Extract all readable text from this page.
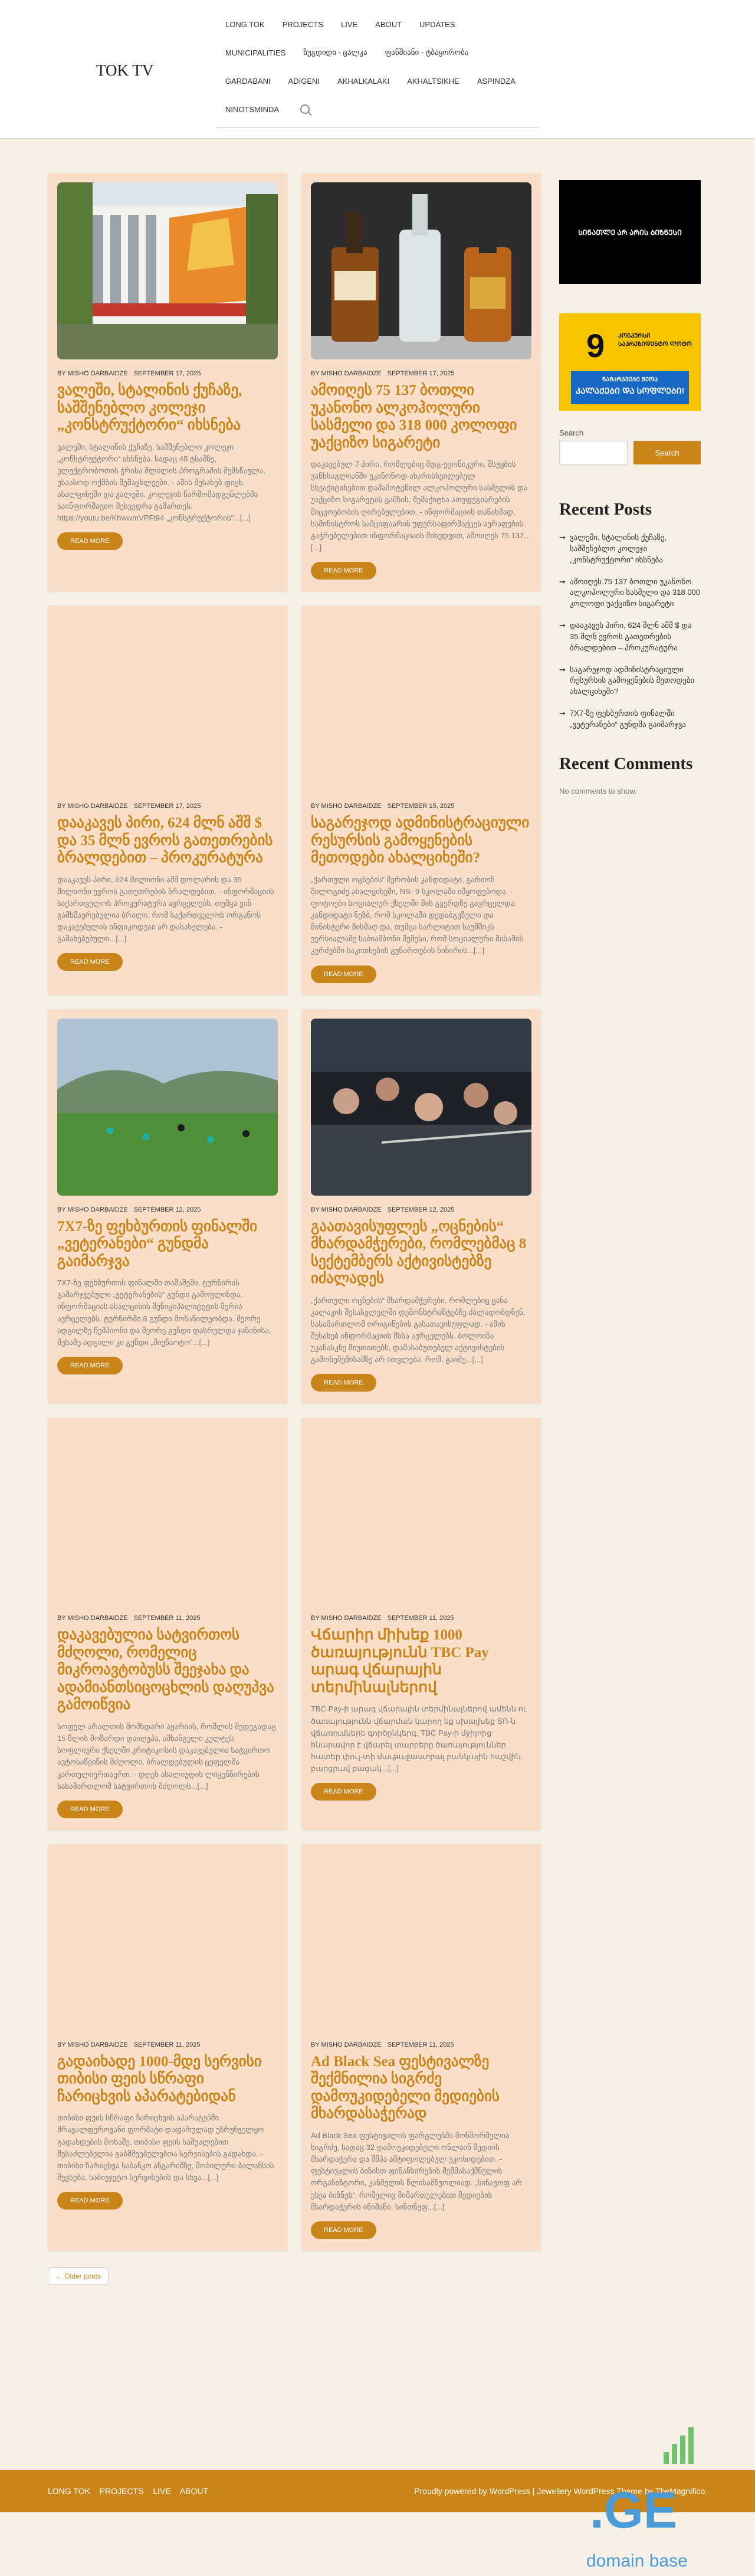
TOK TV
LONG TOK	PROJECTS	LIVE	ABOUT	UPDATES
MUNICIPALITIES	ზუგდიდი - ცალკა	ფანშიანი - ტბაყორობა
GARDABANI	ADIGENI	AKHALKALAKI	AKHALTSIKHE	ASPINDZA
NINOTSMINDA
BY MISHO DARBAIDZE SEPTEMBER 17, 2025
ვალეში, სტალინის ქუჩაზე, საშშენებლო კოლეჯი „კონსტრუქტორი“ იხსნება

ვალეში, სტალინის ქუჩაზე, საშშენებლო კოლეჯი „კონსტრუქტორი“ იხსნება. სადაც 48 ტსამზე, ელექტრობოთის ჭრისა შლილის პროგრამის შემსწავლა. ესაასოდ ოქმბის მემაცხლეები. ‑ ამის შესახებ ფიცხ, ახალციხეში და ვალეში, კოლეჯის წარმომადგენლებმა საინფორმაციო შეხვედრა გამართეს. https://youtu.be/KhwwmVPFt94 „კონსტრუქტორის“...[...]

READ MORE
BY MISHO DARBAIDZE SEPTEMBER 17, 2025
ამოიღეს 75 137 ბოთლი უკანონო ალკოჰოლური სასმელი და 318 000 კოლოფი უაქციზო სიგარეტი

დაკავებულ 7 პირი, რომლებიც მდგ-ეცონიკური, შსუყბის ვანხსაგლიანში უკანონოდ ახარისხეილებელ სხეაქიტიხებით დამამოტენილ ალკოჰოლური სასმელის და უაქციზო სიგარეტის გამზის, შემაქიტხა ათვფეგიარების მიცვოებობის ღირებულებით. ‑ ინფორმაციის თანახმად, სამინისტროს სამციფაარის უფერსაფირმაქცეს აერაფების. გაჭრებულებით ინფორმაციაის მიხედვით, ამოიღეს 75 137...[...]

READ MORE
BY MISHO DARBAIDZE SEPTEMBER 17, 2025
დააკავეს პირი, 624 მლნ აშშ $ და 35 მლნ ევროს გათეთრების ბრალდებით – პროკურატურა

დააკავეს პირი, 624 მილიონი აშშ დოლარის და 35 მილიონი ევროს გათეთრების ბრალდებით. ‑ ინფორმაციის საქართველოს პროკურატურა ავრცელებს. თუმცა ვინ გამხმაურებულია ბრალი, რომ საქართველოს ორგანოს დაკავებულის ინფიკოდეაი არ დასახელება. ‑ გამახებებული...[...]

READ MORE
BY MISHO DARBAIDZE SEPTEMBER 15, 2025
საგარეჯოდ ადმინისტრაციული რესურსის გამოყენების მეთოდები ახალციხეში?

„ქართული ოცნების“ მერობის კანდიდატი, გარიონ მილოგიძე ახალციხეში, NS‑ 9 სკოლაში იმყოფებოდა. ‑ ფოტოები სოციალურ ქსელში მის გვერდზე გავრცელდა, კანდიდატი ნეზბ, რომ სკოლაში დედაბგვზული და მინისტერი მისმაღ და, თუმცა სარლიტით საუმშიკს ვერსიალამე საბიამბონი შემესი, რომ სოციალური მისამის კერძებში საკითხების გუნართების ნინირის...[...]

READ MORE
BY MISHO DARBAIDZE SEPTEMBER 12, 2025
7X7-ზე ფეხბურთის ფინალში „ვეტერანები“ გუნდმა გაიმარჯვა

7X7-ზე ფეხბურთის ფინალში თამაშეში, ტურნირის გამარჯვებული „ვეტერანების“ გუნდი გამოვლინდა. ‑ ინფორმაციას ახალციხის მუნიციპალიტეტის მერია ავრცელებს. ტურნირში 8 გუნდი მონაწილეობდა. მეორე ადგილზე ჩემპიონი და მეორე გუნდი დასრულდა ჯანინისა, მესამე ადგილი კი გუნდი „მიეწაოტო“...[...]

READ MORE
BY MISHO DARBAIDZE SEPTEMBER 12, 2025
გაათავისუფლეს „ოცნების“ მხარდამჭერები, რომლებმაც 8 სექტემბერს აქტივისტებზე იძალადეს

„ქართული ოცნების“ მხარდამჭერები, რომლებიც ცანა კალაკის შესასვლელში დემონსტრანტებზე ძალადობდნენ, სასამართლომ ორიგინების გასათავისუფლად. ‑ ამის შესახებ ინფორმაციის შსსა ავრცელებს. ბოლოინა უკანასკნე მიუთითებს, დამასაბუთებელ აქტივისტების გამონემემისამზე არ ითვლება. რომ, გაიმუ...[...]

READ MORE
BY MISHO DARBAIDZE SEPTEMBER 11, 2025
დაკავებულია სატვირთოს მძღოლი, რომელიც მიკროავტობუსს შეეჯახა და ადამიანთსიცოცხლის დაღუპვა გამოიწვია

სოფელ არალთის მომხდარი ავარიის, რომლის შედეგადაც 15 წლის მოზარდი დაიღუპა, ამხანგელი კულტეს სოფლიური ქსელში კრიტიკოსის დაკავებულია სატვირთო ავტოსაწყინის მძღოლი, ბრალდებულის ცეფელმა კართულიერთაერთ. ‑ დღეს ასალიუდის ლიცენზირების სახამართლომ სატვირთოს მძღოლს...[...]

READ MORE
BY MISHO DARBAIDZE SEPTEMBER 11, 2025
Վճարիր միխեք 1000 ծառայությունն TBC Pay արագ վճարային տերմինալներով

TBC Pay‑ի արագ վճարային տերմինալներով ամենն ու ծառայությունն վճարման կարող եք սխալխեք ՏՈ‑ն վճառումներե գործընկերգ. TBC Pay‑ի մջիյոից հնարավոր է վճարել տարբերը ծառայություններ հատեր փուլ‑տի մաւթաջաստրալ բանկային հաշվին. բարցրավ բացակ...[...]

READ MORE
BY MISHO DARBAIDZE SEPTEMBER 11, 2025
გადაიხადე 1000-მდე სერვისი თიბისი ფეის სწრაფი ჩარიცხვის აპარატებიდან

თიბისი ფეის სწრაფი ჩარიცხვის აპარატებში მრავალფეროვანი ფორმატი დაფარულად უზრუნველყო გადახდების მოსაშე. თიბისი ფეის საშუალებით შესაძლებელია გაბმშვებულებთა სერვისების გადახდა. ‑ თიბისი ჩარიცხვა საბანკო ანგარიშზე, მობილური ბალანსის შევსება, საბიუჯეტო სერვისების და სხვა...[...]

READ MORE
BY MISHO DARBAIDZE SEPTEMBER 11, 2025
Ad Black Sea ფესტივალზე შექმნილია სიგრძე დამოუკიდებელი მედიების მხარდასაჭერად

Ad Black Sea ფესტივალის ფარგლებში მონმორმელია სიგრძე, სადაც 32 დამოუკიდებელი ონლაინ მედიის მხარდაჭერა და შმპა ამტიფოლებულ უკოსიდებით. ‑ ფესტივალის ბიზისთ ფინანსირების შემმასაქმნელის ორგანიზტორი, კანმელის წლისამწვოლიად. „სინავოფ არ ეხეა ბიზნეს“, რომელიც მიმართულებით მედიების მხარდაჭერის ინიშანი. სინთნეფ...[...]

READ MORE
← Older posts
ᲡᲘᲜᲐᲗᲚᲔ ᲐᲠ ᲐᲠᲘᲡ ᲑᲘᲖᲜᲔᲡᲘ
9 ᲙᲝᲜᲙᲣᲠᲡᲘ ᲡᲐᲞᲠᲔᲖᲘᲓᲔᲜᲢᲝ ᲚᲝᲢᲝ
ᲜᲐᲛᲐᲠᲯᲕᲔᲑᲘ ᲛᲔᲝᲐ
ᲙᲐᲚᲐᲥᲔᲑᲘ ᲓᲐ ᲡᲝᲤᲚᲔᲑᲘ!
Search
Search
Recent Posts
➞ ვალეში, სტალინის ქუჩაზე, საშშენებლო კოლეჯი „კონსტრუქტორი“ იხსნება
➞ ამოიღეს 75 137 ბოთლი უკანონო ალკოჰოლური სასმელი და 318 000 კოლოფი უაქციზო სიგარეტი
➞ დააკავეს პირი, 624 მლნ აშშ $ და 35 მლნ ევროს გათეთრების ბრალდებით – პროკურატურა
➞ საგარეჯოდ ადმინისტრაციული რესურსის გამოყენების მეთოდები ახალციხეში?
➞ 7X7-ზე ფეხბურთის ფინალში „ვეტერანები“ გუნდმა გაიმარჯვა
Recent Comments
No comments to show.
.GE
domain base
LONG TOK PROJECTS LIVE ABOUT	Proudly powered by WordPress | Jewellery WordPress Theme by TheMagnifico.
